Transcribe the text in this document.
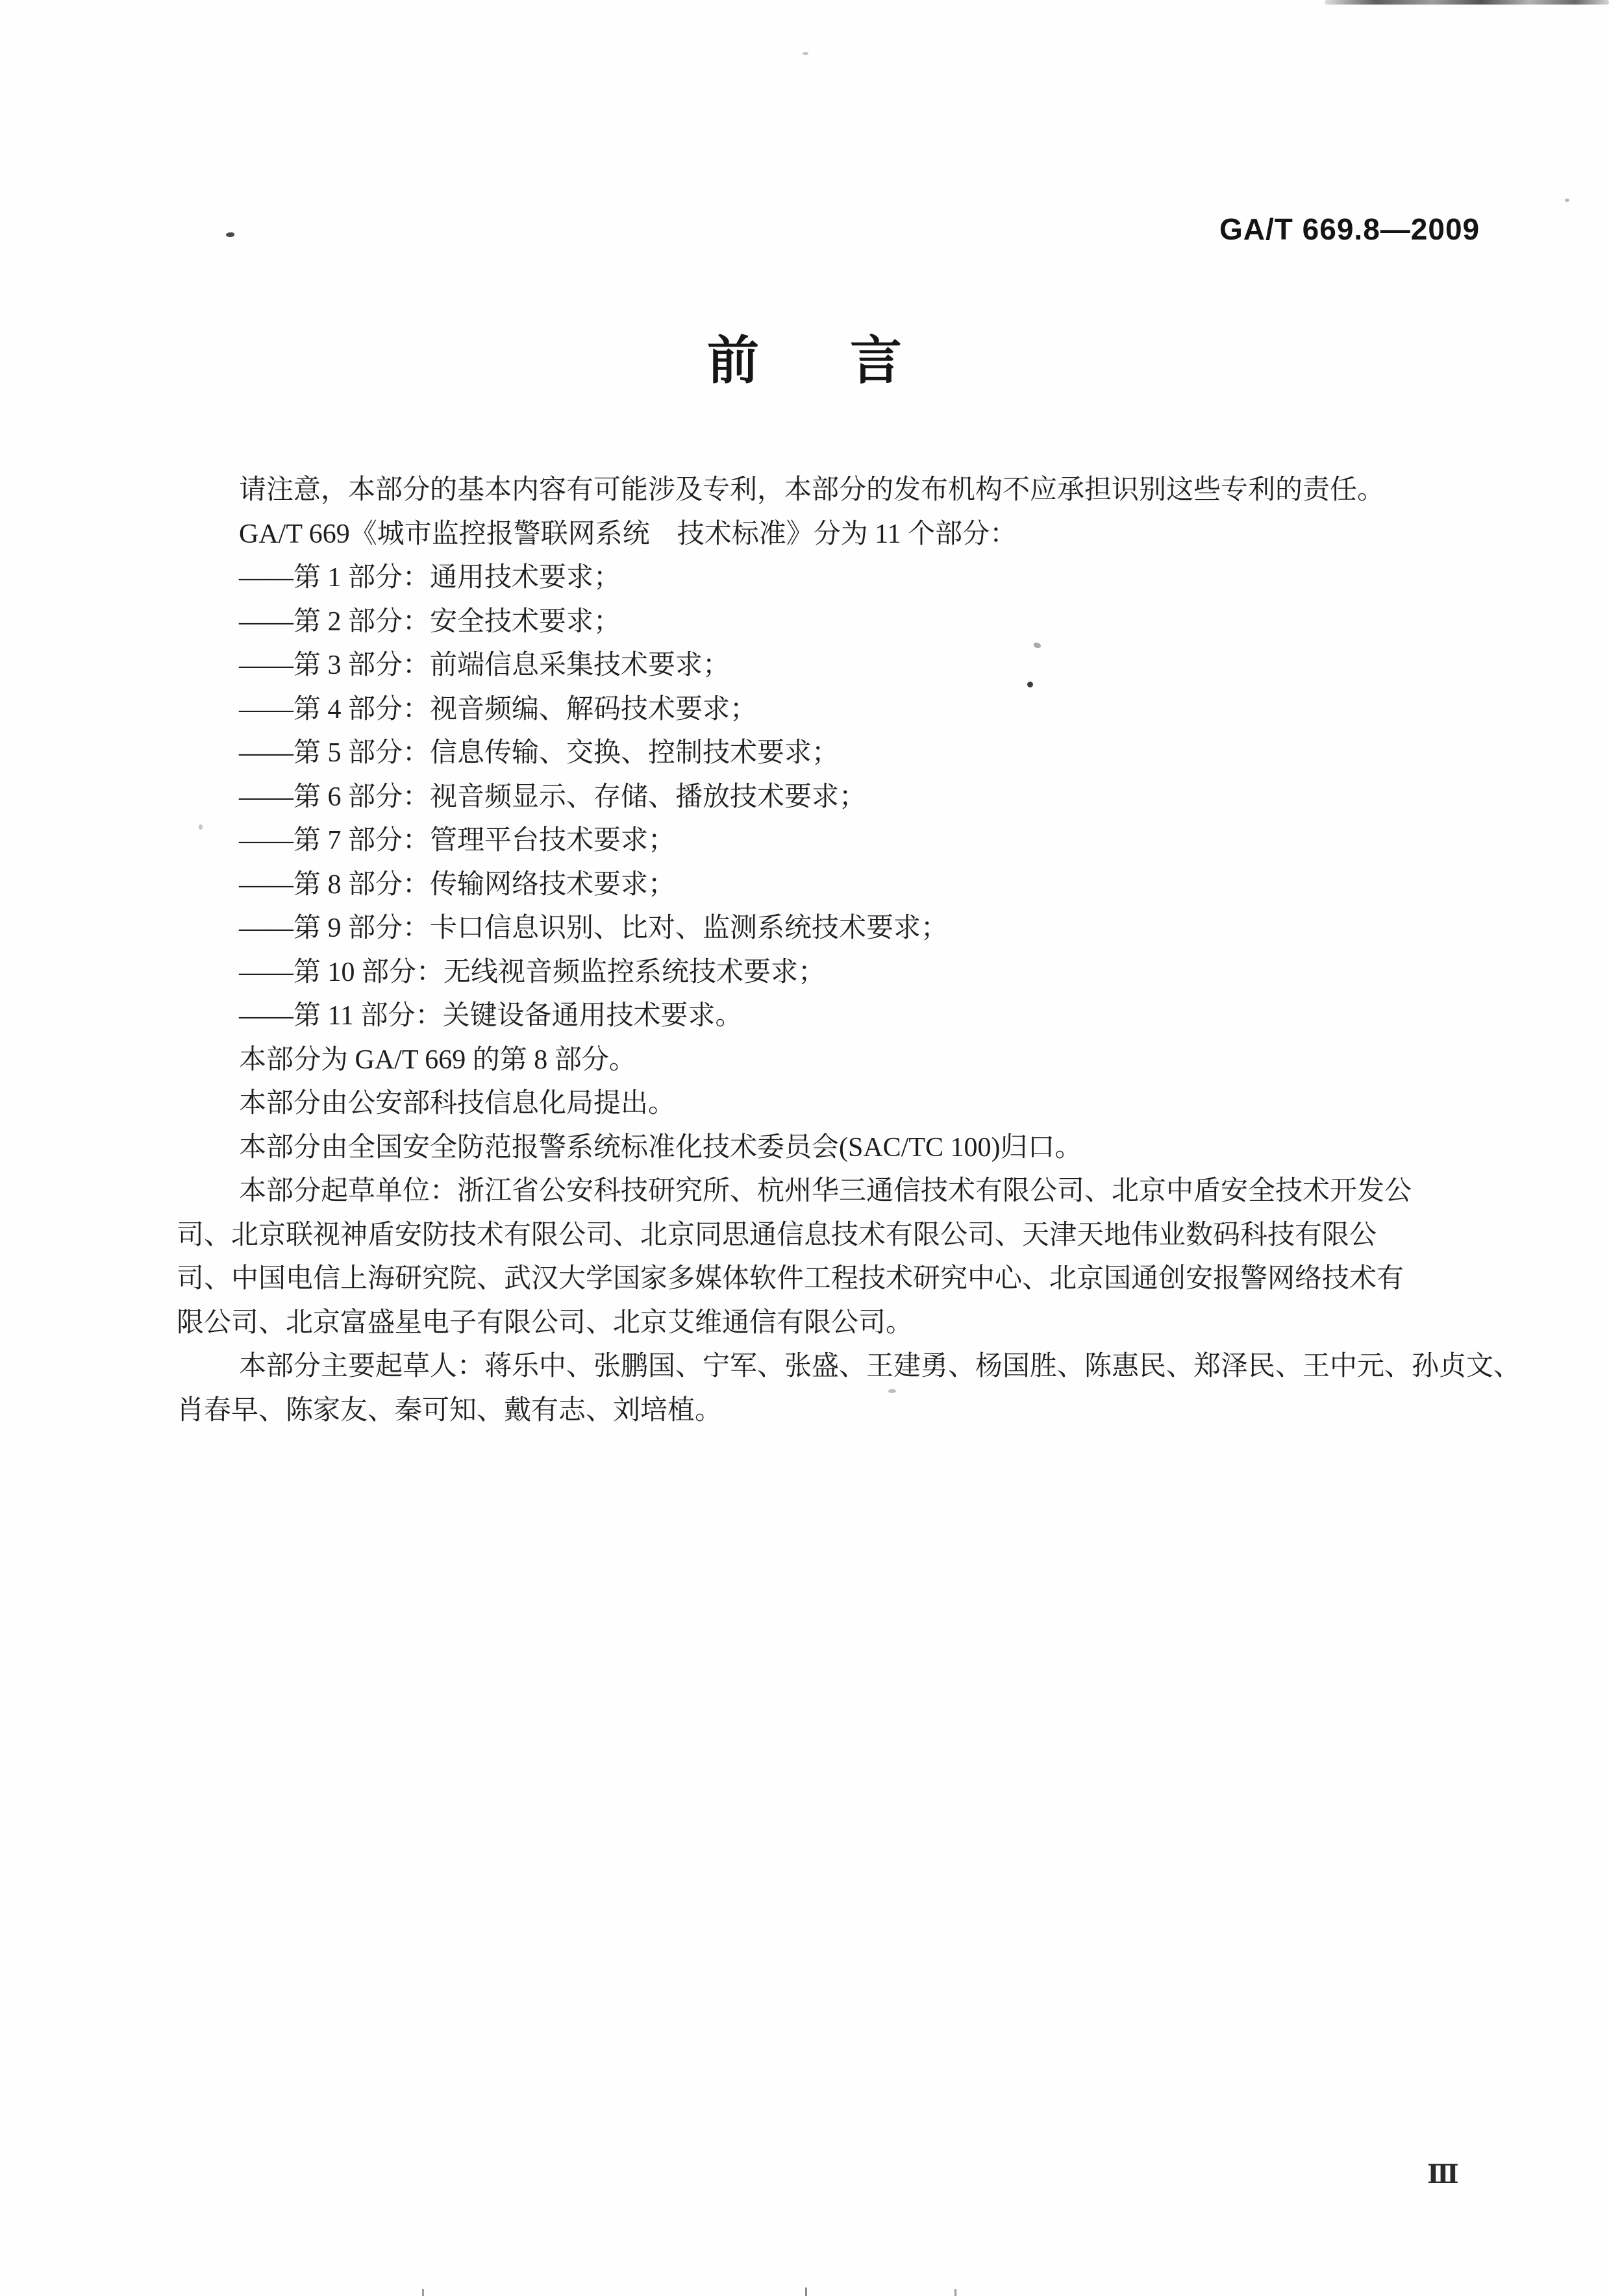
GA/T 669.8—2009
前 言
请注意，本部分的基本内容有可能涉及专利，本部分的发布机构不应承担识别这些专利的责任。
GA/T 669《城市监控报警联网系统　技术标准》分为 11 个部分：
——第 1 部分：通用技术要求；
——第 2 部分：安全技术要求；
——第 3 部分：前端信息采集技术要求；
——第 4 部分：视音频编、解码技术要求；
——第 5 部分：信息传输、交换、控制技术要求；
——第 6 部分：视音频显示、存储、播放技术要求；
——第 7 部分：管理平台技术要求；
——第 8 部分：传输网络技术要求；
——第 9 部分：卡口信息识别、比对、监测系统技术要求；
——第 10 部分：无线视音频监控系统技术要求；
——第 11 部分：关键设备通用技术要求。
本部分为 GA/T 669 的第 8 部分。
本部分由公安部科技信息化局提出。
本部分由全国安全防范报警系统标准化技术委员会(SAC/TC 100)归口。
本部分起草单位：浙江省公安科技研究所、杭州华三通信技术有限公司、北京中盾安全技术开发公
司、北京联视神盾安防技术有限公司、北京同思通信息技术有限公司、天津天地伟业数码科技有限公
司、中国电信上海研究院、武汉大学国家多媒体软件工程技术研究中心、北京国通创安报警网络技术有
限公司、北京富盛星电子有限公司、北京艾维通信有限公司。
本部分主要起草人：蒋乐中、张鹏国、宁军、张盛、王建勇、杨国胜、陈惠民、郑泽民、王中元、孙贞文、
肖春早、陈家友、秦可知、戴有志、刘培植。
Ⅲ
